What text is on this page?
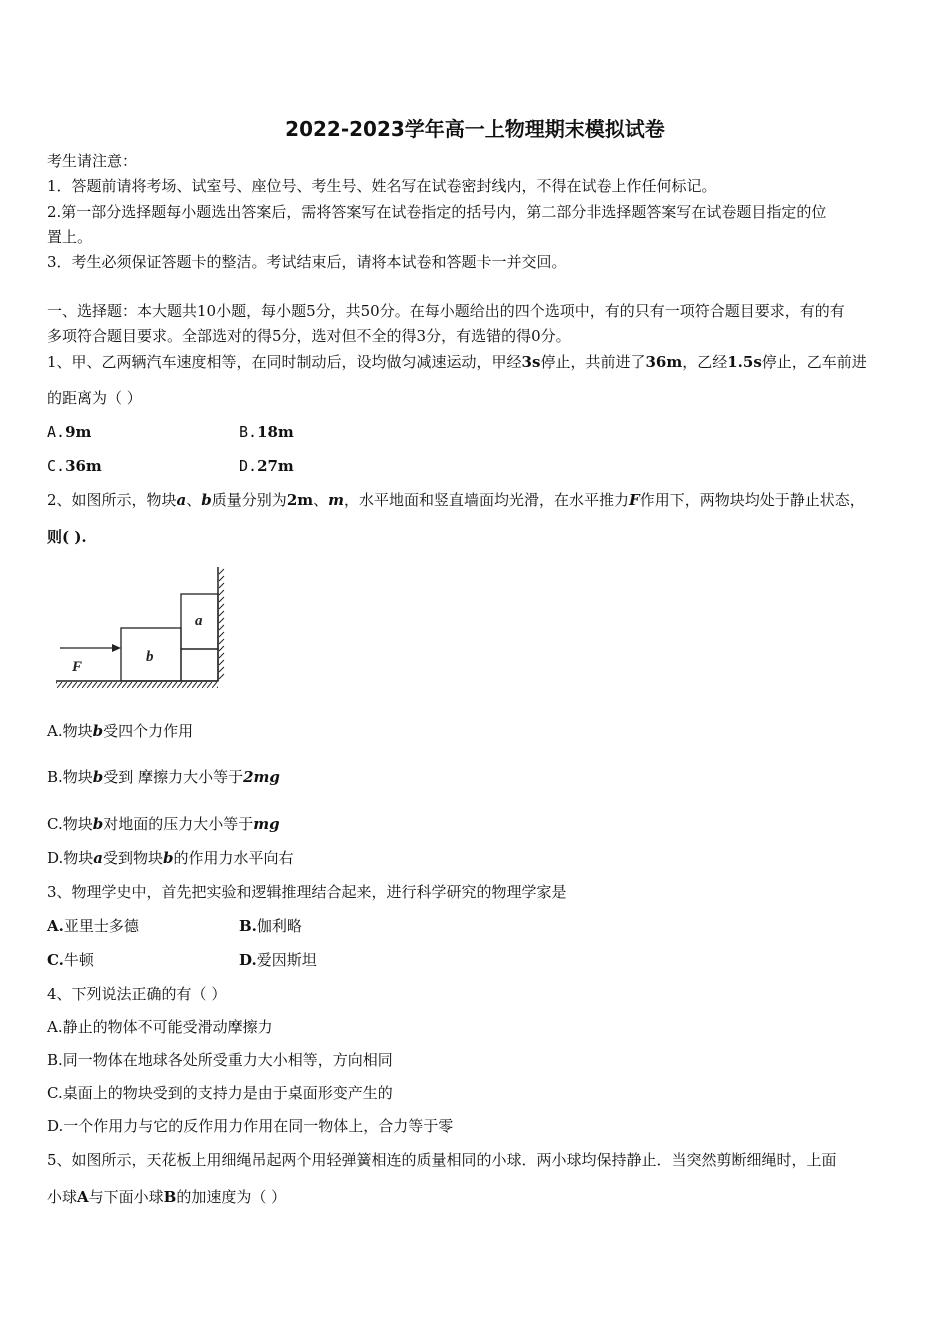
2022-2023学年高一上物理期末模拟试卷
考生请注意：
1．答题前请将考场、试室号、座位号、考生号、姓名写在试卷密封线内，不得在试卷上作任何标记。
2.第一部分选择题每小题选出答案后，需将答案写在试卷指定的括号内，第二部分非选择题答案写在试卷题目指定的位
置上。
3．考生必须保证答题卡的整洁。考试结束后，请将本试卷和答题卡一并交回。
一、选择题：本大题共10小题，每小题5分，共50分。在每小题给出的四个选项中，有的只有一项符合题目要求，有的有
多项符合题目要求。全部选对的得5分，选对但不全的得3分，有选错的得0分。
1、甲、乙两辆汽车速度相等，在同时制动后，设均做匀减速运动，甲经3s停止，共前进了36m，乙经1.5s停止，乙车前进
的距离为（ ）
A.9m	B.18m
C.36m	D.27m
2、如图所示，物块a、b质量分别为2m、m，水平地面和竖直墙面均光滑，在水平推力F作用下，两物块均处于静止状态，
则( ).
F
b
a
A.物块b受四个力作用
B.物块b受到 摩擦力大小等于2mg
C.物块b对地面的压力大小等于mg
D.物块a受到物块b的作用力水平向右
3、物理学史中，首先把实验和逻辑推理结合起来，进行科学研究的物理学家是
A.亚里士多德	B.伽利略
C.牛顿	D.爱因斯坦
4、下列说法正确的有（ ）
A.静止的物体不可能受滑动摩擦力
B.同一物体在地球各处所受重力大小相等，方向相同
C.桌面上的物块受到的支持力是由于桌面形变产生的
D.一个作用力与它的反作用力作用在同一物体上，合力等于零
5、如图所示，天花板上用细绳吊起两个用轻弹簧相连的质量相同的小球．两小球均保持静止．当突然剪断细绳时，上面
小球A与下面小球B的加速度为（ ）
